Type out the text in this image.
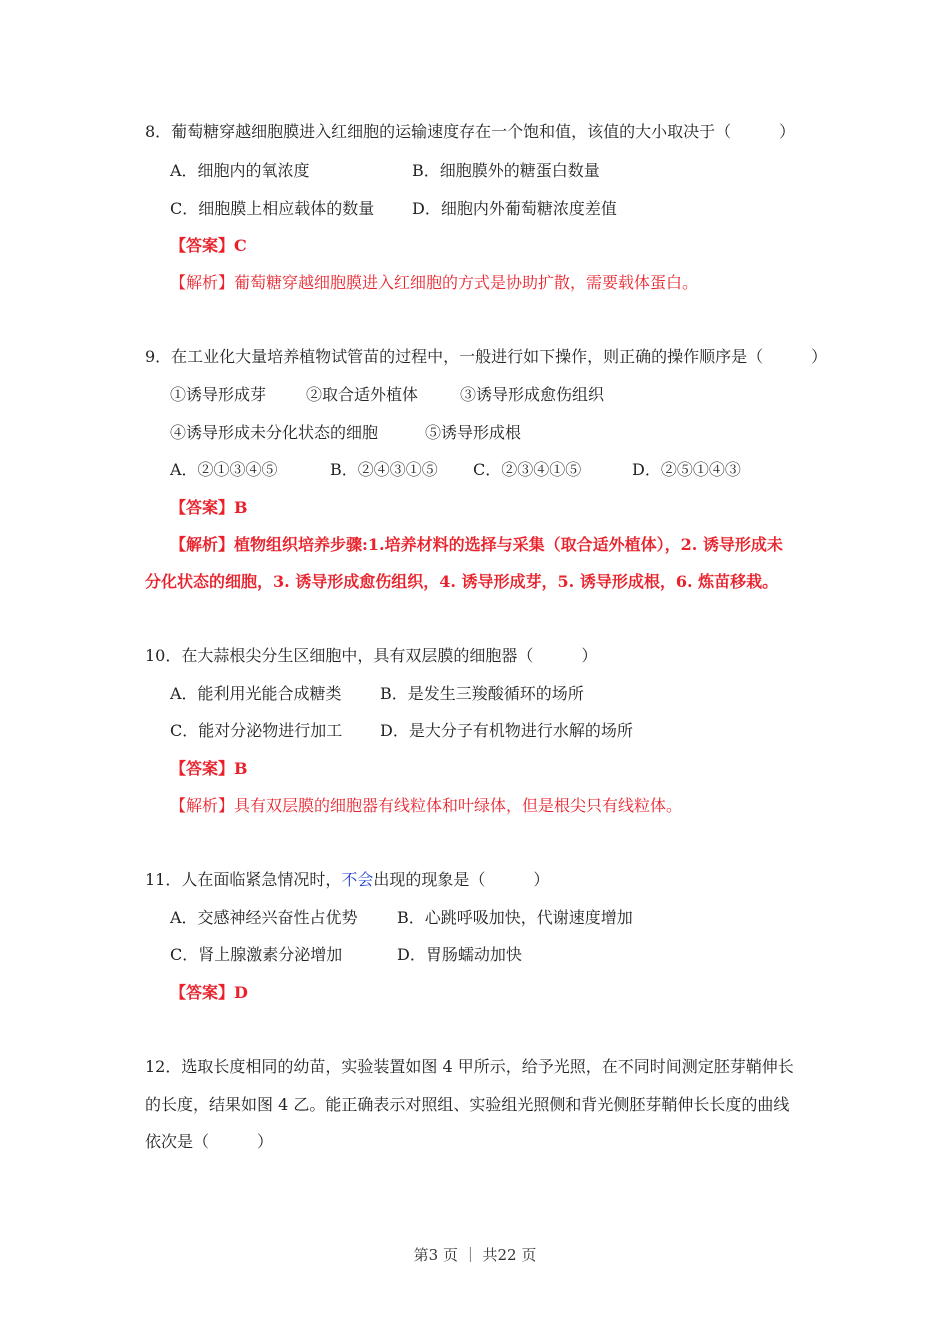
8．葡萄糖穿越细胞膜进入红细胞的运输速度存在一个饱和值，该值的大小取决于（　　　）
A．细胞内的氧浓度	B．细胞膜外的糖蛋白数量
C．细胞膜上相应载体的数量 D．细胞内外葡萄糖浓度差值
【答案】C
【解析】葡萄糖穿越细胞膜进入红细胞的方式是协助扩散，需要载体蛋白。
9．在工业化大量培养植物试管苗的过程中，一般进行如下操作，则正确的操作顺序是（　　　）
①诱导形成芽 ②取合适外植体	③诱导形成愈伤组织
④诱导形成未分化状态的细胞	⑤诱导形成根
A．②①③④⑤	B．②④③①⑤ C．②③④①⑤	D．②⑤①④③
【答案】B
【解析】植物组织培养步骤:1.培养材料的选择与采集（取合适外植体），2. 诱导形成未
分化状态的细胞，3. 诱导形成愈伤组织，4. 诱导形成芽，5. 诱导形成根，6. 炼苗移栽。
10．在大蒜根尖分生区细胞中，具有双层膜的细胞器（　　　）
A．能利用光能合成糖类 B．是发生三羧酸循环的场所
C．能对分泌物进行加工 D．是大分子有机物进行水解的场所
【答案】B
【解析】具有双层膜的细胞器有线粒体和叶绿体，但是根尖只有线粒体。
11．人在面临紧急情况时，不会出现的现象是（　　　）
A．交感神经兴奋性占优势 B．心跳呼吸加快，代谢速度增加
C．肾上腺激素分泌增加	D．胃肠蠕动加快
【答案】D
12．选取长度相同的幼苗，实验装置如图 4 甲所示，给予光照，在不同时间测定胚芽鞘伸长
的长度，结果如图 4 乙。能正确表示对照组、实验组光照侧和背光侧胚芽鞘伸长长度的曲线
依次是（　　　）
第3 页 ｜ 共22 页
